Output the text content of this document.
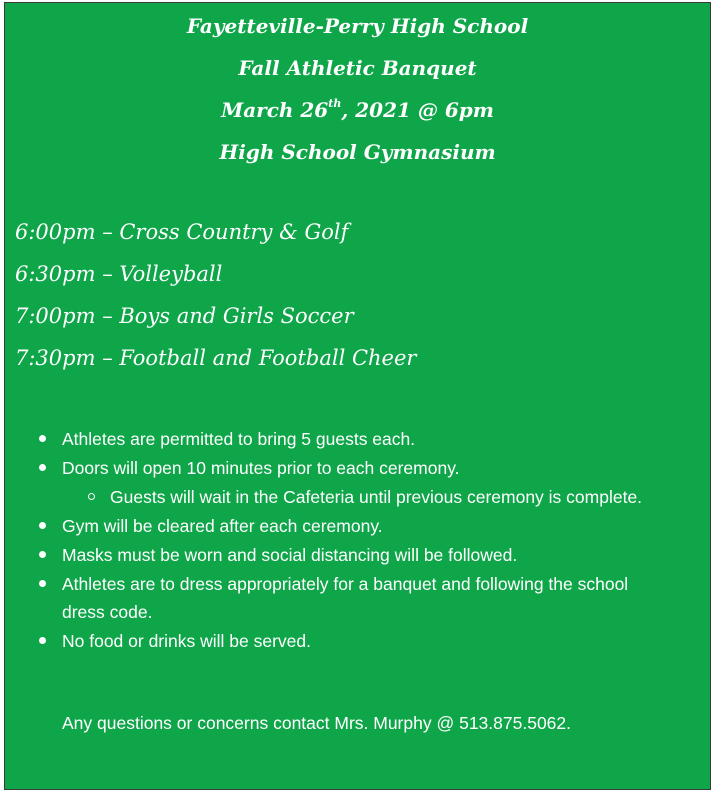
Fayetteville-Perry High School
Fall Athletic Banquet
March 26th, 2021 @ 6pm
High School Gymnasium
6:00pm – Cross Country & Golf
6:30pm – Volleyball
7:00pm – Boys and Girls Soccer
7:30pm – Football and Football Cheer
Athletes are permitted to bring 5 guests each.
Doors will open 10 minutes prior to each ceremony.
Guests will wait in the Cafeteria until previous ceremony is complete.
Gym will be cleared after each ceremony.
Masks must be worn and social distancing will be followed.
Athletes are to dress appropriately for a banquet and following the school dress code.
No food or drinks will be served.
Any questions or concerns contact Mrs. Murphy @ 513.875.5062.
